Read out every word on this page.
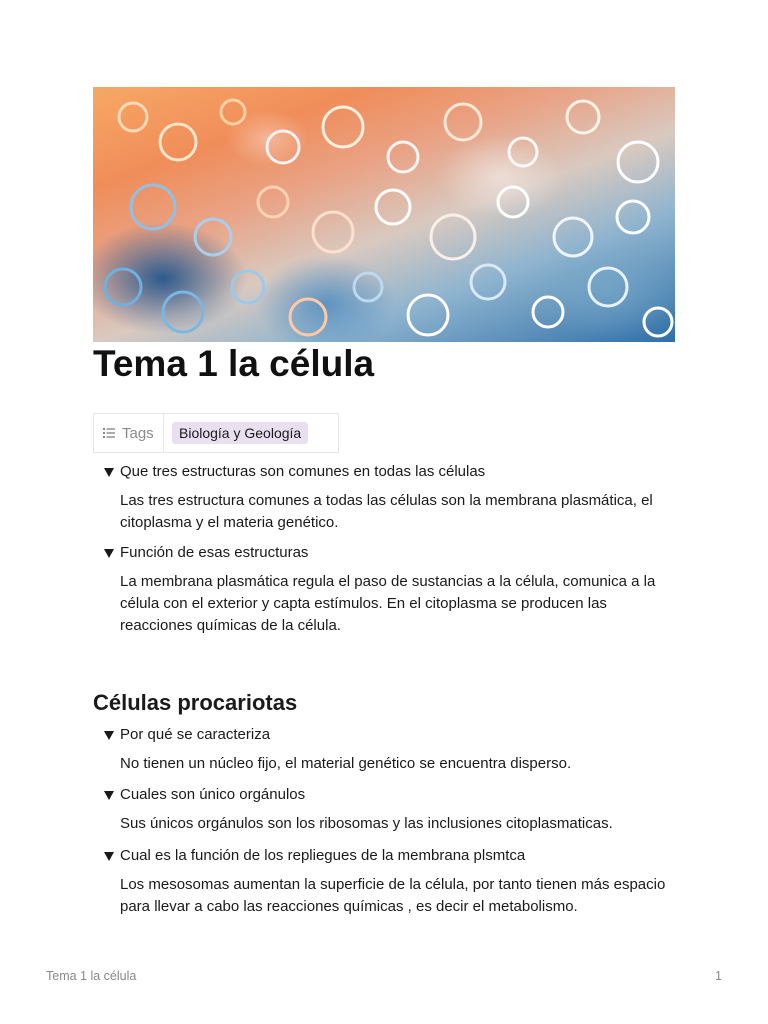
Tema 1 la célula
Tags	Biología y Geología
Que tres estructuras son comunes en todas las células
Las tres estructura comunes a todas las células son la membrana plasmática, el citoplasma y el materia genético.
Función de esas estructuras
La membrana plasmática regula el paso de sustancias a la célula, comunica a la célula con el exterior y capta estímulos. En el citoplasma se producen las reacciones químicas de la célula.
Células procariotas
Por qué se caracteriza
No tienen un núcleo fijo, el material genético se encuentra disperso.
Cuales son único orgánulos
Sus únicos orgánulos son los ribosomas y las inclusiones citoplasmaticas.
Cual es la función de los repliegues de la membrana plsmtca
Los mesosomas aumentan la superficie de la célula, por tanto tienen más espacio para llevar a cabo las reacciones químicas , es decir el metabolismo.
Tema 1 la célula	1
